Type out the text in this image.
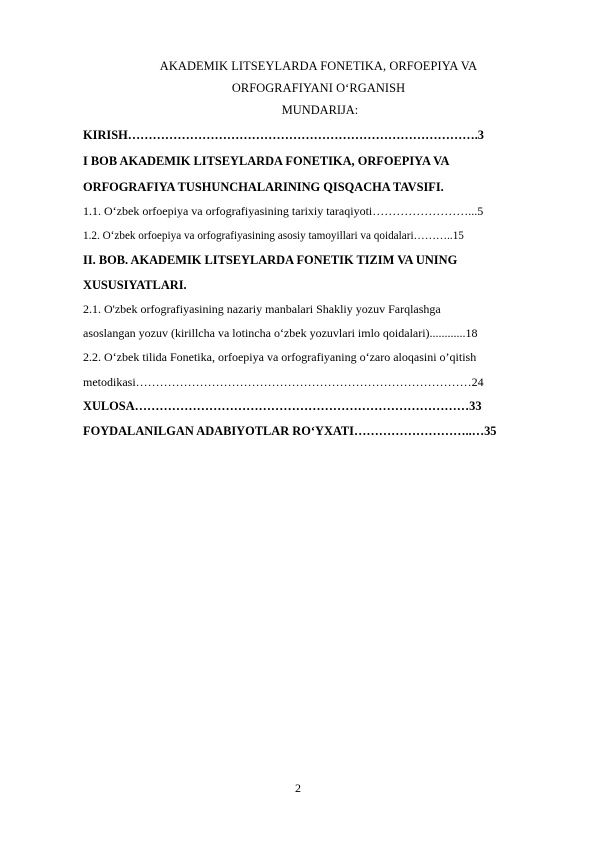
AKADEMIK LITSEYLARDA FONETIKA, ORFOEPIYA VA
ORFOGRAFIYANI O‘RGANISH
MUNDARIJA:
KIRISH………………………………………………………………………….3
I BOB AKADEMIK LITSEYLARDA FONETIKA, ORFOEPIYA VA
ORFOGRAFIYA TUSHUNCHALARINING QISQACHA TAVSIFI.
1.1. O‘zbek orfoepiya va orfografiyasining tarixiy taraqiyoti……………………...5
1.2. O‘zbek orfoepiya va orfografiyasining asosiy tamoyillari va qoidalari………..15
II. BOB. AKADEMIK LITSEYLARDA FONETIK TIZIM VA UNING
XUSUSIYATLARI.
2.1. O'zbek orfografiyasining nazariy manbalari Shakliy yozuv Farqlashga
asoslangan yozuv (kirillcha va lotincha o‘zbek yozuvlari imlo qoidalari)............18
2.2. O‘zbek tilida Fonetika, orfoepiya va orfografiyaning o‘zaro aloqasini o’qitish
metodikasi…………………………………………………………………………24
XULOSA………………………………………………………………………33
FOYDALANILGAN ADABIYOTLAR RO‘YXATI………………………..…35
2
